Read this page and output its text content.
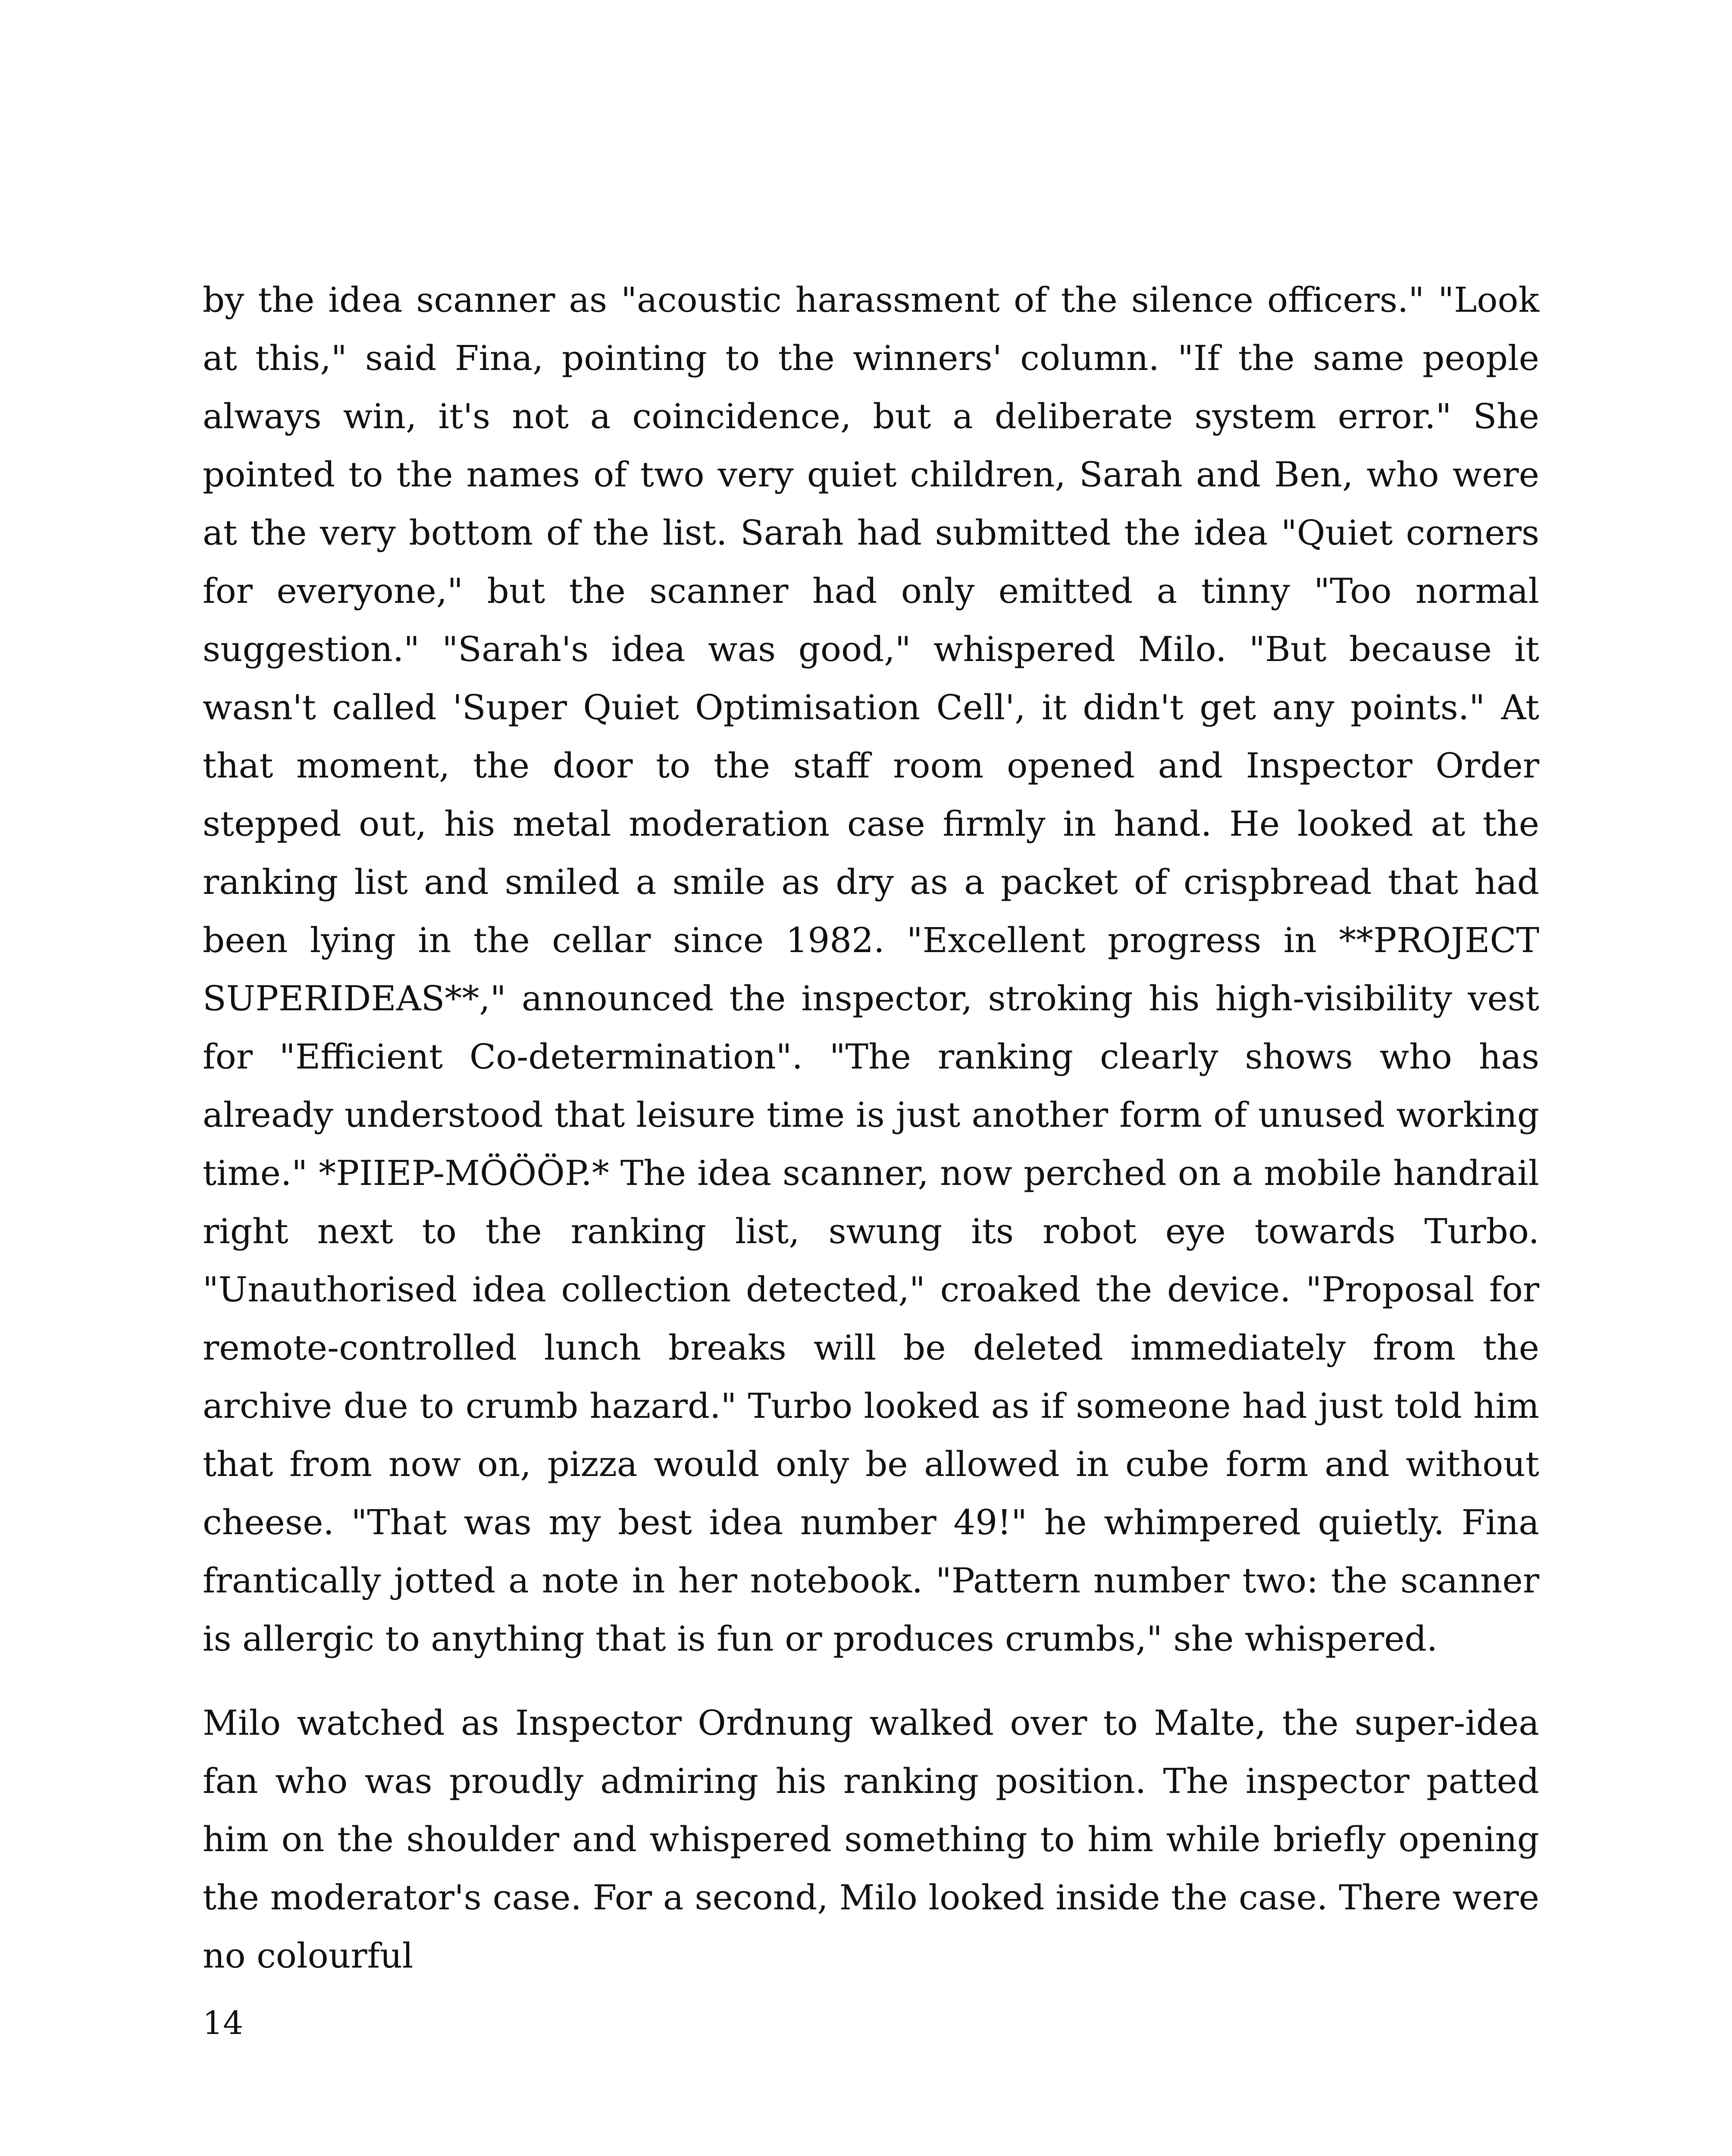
by the idea scanner as "acoustic harassment of the silence officers." "Look at this," said Fina, pointing to the winners' column. "If the same people always win, it's not a coincidence, but a deliberate system error." She pointed to the names of two very quiet children, Sarah and Ben, who were at the very bottom of the list. Sarah had submitted the idea "Quiet corners for everyone," but the scanner had only emitted a tinny "Too normal suggestion." "Sarah's idea was good," whispered Milo. "But because it wasn't called 'Super Quiet Optimisation Cell', it didn't get any points." At that moment, the door to the staff room opened and Inspector Order stepped out, his metal moderation case firmly in hand. He looked at the ranking list and smiled a smile as dry as a packet of crispbread that had been lying in the cellar since 1982. "Excellent progress in **PROJECT SUPERIDEAS**," announced the inspector, stroking his high-visibility vest for "Efficient Co-determination". "The ranking clearly shows who has already understood that leisure time is just another form of unused working time." *PIIEP-MÖÖÖP.* The idea scanner, now perched on a mobile handrail right next to the ranking list, swung its robot eye towards Turbo. "Unauthorised idea collection detected," croaked the device. "Proposal for remote-controlled lunch breaks will be deleted immediately from the archive due to crumb hazard." Turbo looked as if someone had just told him that from now on, pizza would only be allowed in cube form and without cheese. "That was my best idea number 49!" he whimpered quietly. Fina frantically jotted a note in her notebook. "Pattern number two: the scanner is allergic to anything that is fun or produces crumbs," she whispered.

Milo watched as Inspector Ordnung walked over to Malte, the super-idea fan who was proudly admiring his ranking position. The inspector patted him on the shoulder and whispered something to him while briefly opening the moderator's case. For a second, Milo looked inside the case. There were no colourful

14
